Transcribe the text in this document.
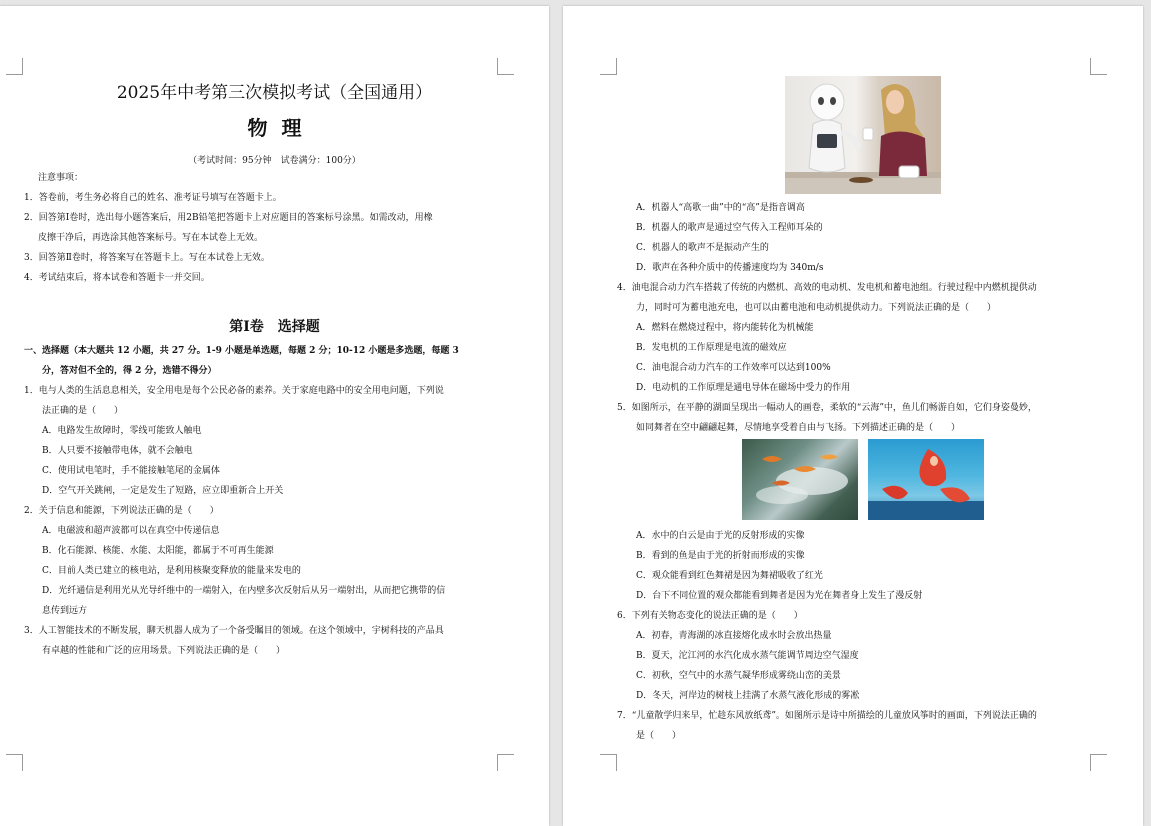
2025年中考第三次模拟考试（全国通用）
物理
（考试时间：95分钟　试卷满分：100分）
注意事项：
1．答卷前，考生务必将自己的姓名、准考证号填写在答题卡上。
2．回答第Ⅰ卷时，选出每小题答案后，用2B铅笔把答题卡上对应题目的答案标号涂黑。如需改动，用橡
皮擦干净后，再选涂其他答案标号。写在本试卷上无效。
3．回答第Ⅱ卷时，将答案写在答题卡上。写在本试卷上无效。
4．考试结束后，将本试卷和答题卡一并交回。
第Ⅰ卷　选择题
一、选择题（本大题共 12 小题，共 27 分。1-9 小题是单选题，每题 2 分；10-12 小题是多选题，每题 3
分，答对但不全的，得 2 分，选错不得分）
1．电与人类的生活息息相关，安全用电是每个公民必备的素养。关于家庭电路中的安全用电问题，下列说
法正确的是（　　）
A．电路发生故障时，零线可能致人触电
B．人只要不接触带电体，就不会触电
C．使用试电笔时，手不能接触笔尾的金属体
D．空气开关跳闸，一定是发生了短路，应立即重新合上开关
2．关于信息和能源，下列说法正确的是（　　）
A．电磁波和超声波都可以在真空中传递信息
B．化石能源、核能、水能、太阳能，都属于不可再生能源
C．目前人类已建立的核电站，是利用核聚变释放的能量来发电的
D．光纤通信是利用光从光导纤维中的一端射入，在内壁多次反射后从另一端射出，从而把它携带的信
息传到远方
3．人工智能技术的不断发展，聊天机器人成为了一个备受瞩目的领域。在这个领域中，宇树科技的产品具
有卓越的性能和广泛的应用场景。下列说法正确的是（　　）
A．机器人“高歌一曲”中的“高”是指音调高
B．机器人的歌声是通过空气传入工程师耳朵的
C．机器人的歌声不是振动产生的
D．歌声在各种介质中的传播速度均为 340m/s
4．油电混合动力汽车搭载了传统的内燃机、高效的电动机、发电机和蓄电池组。行驶过程中内燃机提供动
力，同时可为蓄电池充电，也可以由蓄电池和电动机提供动力。下列说法正确的是（　　）
A．燃料在燃烧过程中，将内能转化为机械能
B．发电机的工作原理是电流的磁效应
C．油电混合动力汽车的工作效率可以达到100%
D．电动机的工作原理是通电导体在磁场中受力的作用
5．如图所示，在平静的湖面呈现出一幅动人的画卷，柔软的“云海”中，鱼儿们畅游自如，它们身姿曼妙，
如同舞者在空中翩翩起舞，尽情地享受着自由与飞扬。下列描述正确的是（　　）
A．水中的白云是由于光的反射形成的实像
B．看到的鱼是由于光的折射而形成的实像
C．观众能看到红色舞裙是因为舞裙吸收了红光
D．台下不同位置的观众都能看到舞者是因为光在舞者身上发生了漫反射
6．下列有关物态变化的说法正确的是（　　）
A．初春，青海湖的冰直接熔化成水时会放出热量
B．夏天，沱江河的水汽化成水蒸气能调节周边空气湿度
C．初秋，空气中的水蒸气凝华形成雾绕山峦的美景
D．冬天，河岸边的树枝上挂满了水蒸气液化形成的雾凇
7．“儿童散学归来早，忙趁东风放纸鸢”。如图所示是诗中所描绘的儿童放风筝时的画面，下列说法正确的
是（　　）
